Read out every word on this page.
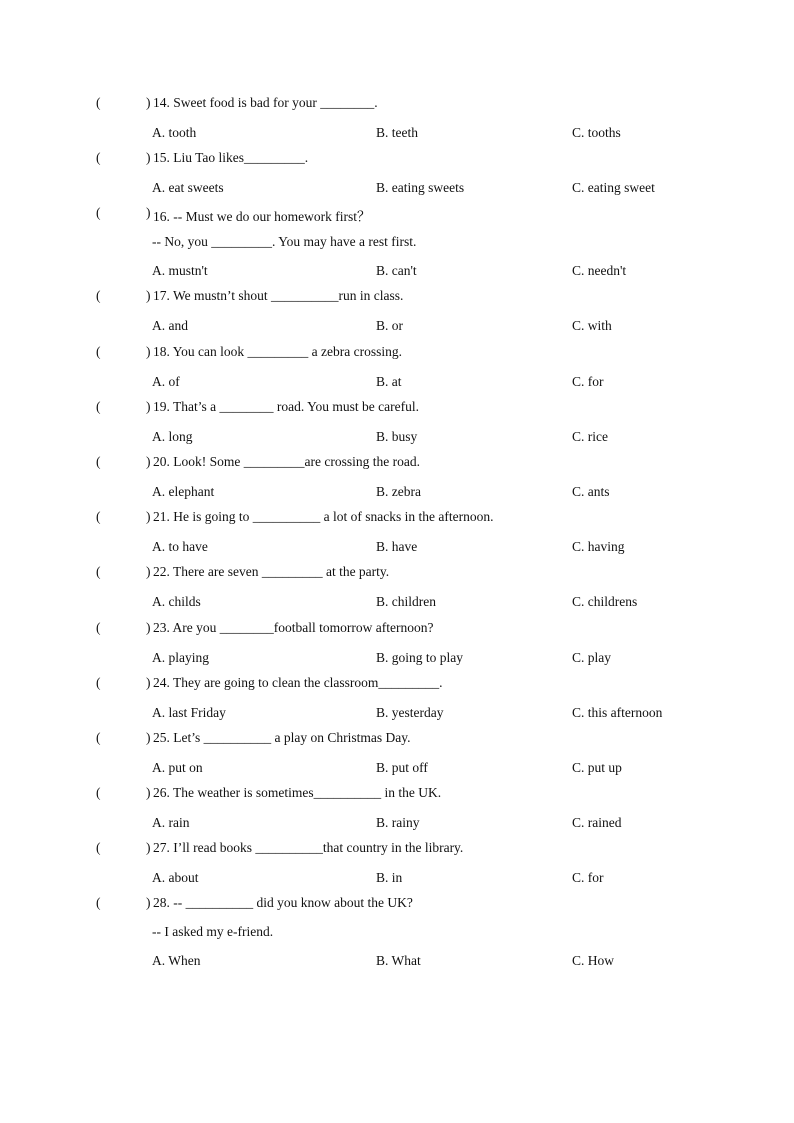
(	) 14. Sweet food is bad for your ________.
A. tooth	B. teeth	C. tooths
(	) 15. Liu Tao likes_________.
A. eat sweets	B. eating sweets	C. eating sweet
(	) 16. -- Must we do our homework first？
-- No, you _________. You may have a rest first.
A. mustn't	B. can't	C. needn't
(	) 17. We mustn’t shout __________run in class.
A. and	B. or	C. with
(	) 18. You can look _________ a zebra crossing.
A. of	B. at	C. for
(	) 19. That’s a ________ road. You must be careful.
A. long	B. busy	C. rice
(	) 20. Look! Some _________are crossing the road.
A. elephant	B. zebra	C. ants
(	) 21. He is going to __________ a lot of snacks in the afternoon.
A. to have	B. have	C. having
(	) 22. There are seven _________ at the party.
A. childs	B. children	C. childrens
(	) 23. Are you ________football tomorrow afternoon?
A. playing	B. going to play	C. play
(	) 24. They are going to clean the classroom_________.
A. last Friday	B. yesterday	C. this afternoon
(	) 25. Let’s __________ a play on Christmas Day.
A. put on	B. put off	C. put up
(	) 26. The weather is sometimes__________ in the UK.
A. rain	B. rainy	C. rained
(	) 27. I’ll read books __________that country in the library.
A. about	B. in	C. for
(	) 28. -- __________ did you know about the UK?
-- I asked my e-friend.
A. When	B. What	C. How
